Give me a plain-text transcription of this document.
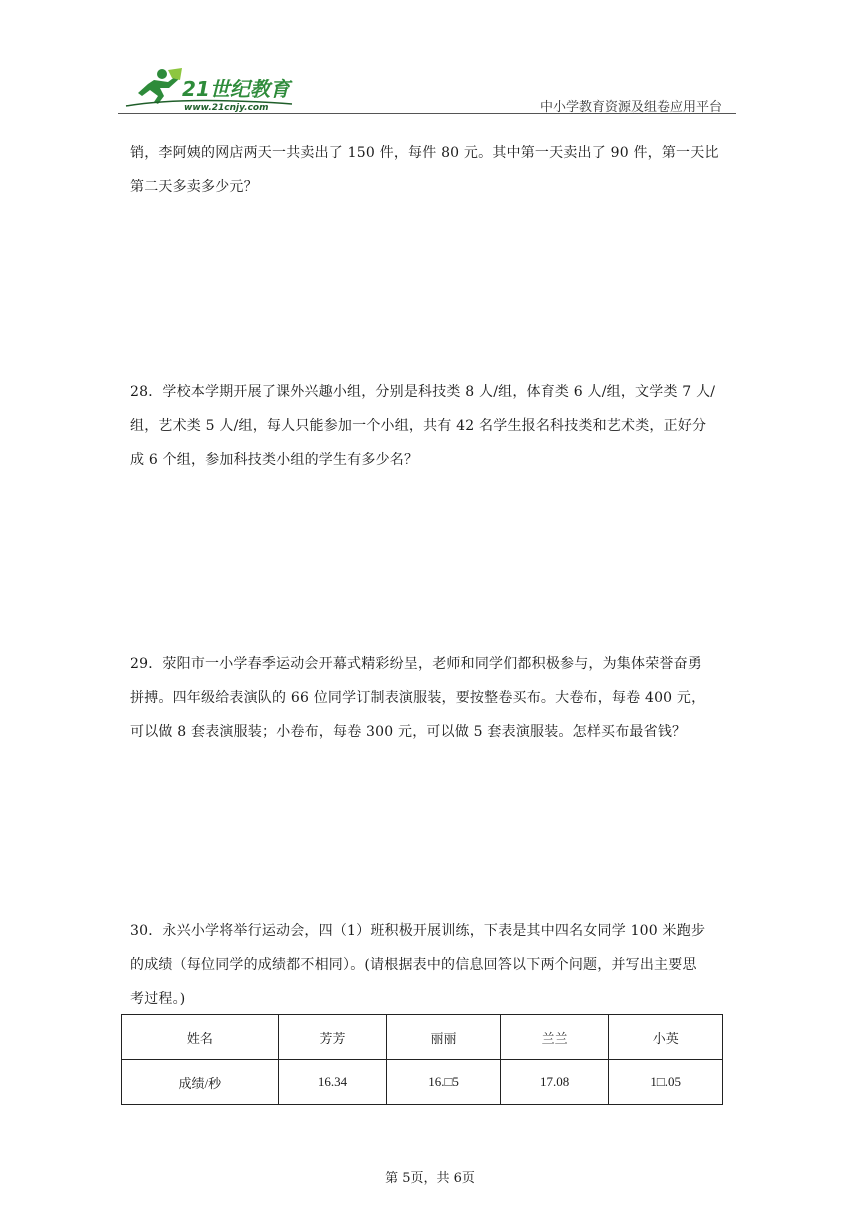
21世纪教育
www.21cnjy.com	中小学教育资源及组卷应用平台
销，李阿姨的网店两天一共卖出了 150 件，每件 80 元。其中第一天卖出了 90 件，第一天比
第二天多卖多少元？
28．学校本学期开展了课外兴趣小组，分别是科技类 8 人/组，体育类 6 人/组，文学类 7 人/
组，艺术类 5 人/组，每人只能参加一个小组，共有 42 名学生报名科技类和艺术类，正好分
成 6 个组，参加科技类小组的学生有多少名？
29．荥阳市一小学春季运动会开幕式精彩纷呈，老师和同学们都积极参与，为集体荣誉奋勇
拼搏。四年级给表演队的 66 位同学订制表演服装，要按整卷买布。大卷布，每卷 400 元，
可以做 8 套表演服装；小卷布，每卷 300 元，可以做 5 套表演服装。怎样买布最省钱？
30．永兴小学将举行运动会，四（1）班积极开展训练，下表是其中四名女同学 100 米跑步
的成绩（每位同学的成绩都不相同）。(请根据表中的信息回答以下两个问题，并写出主要思
考过程。)
姓名	芳芳	丽丽	兰兰	小英
成绩/秒	16.34	16.□5	17.08	1□.05
第 5页，共 6页
